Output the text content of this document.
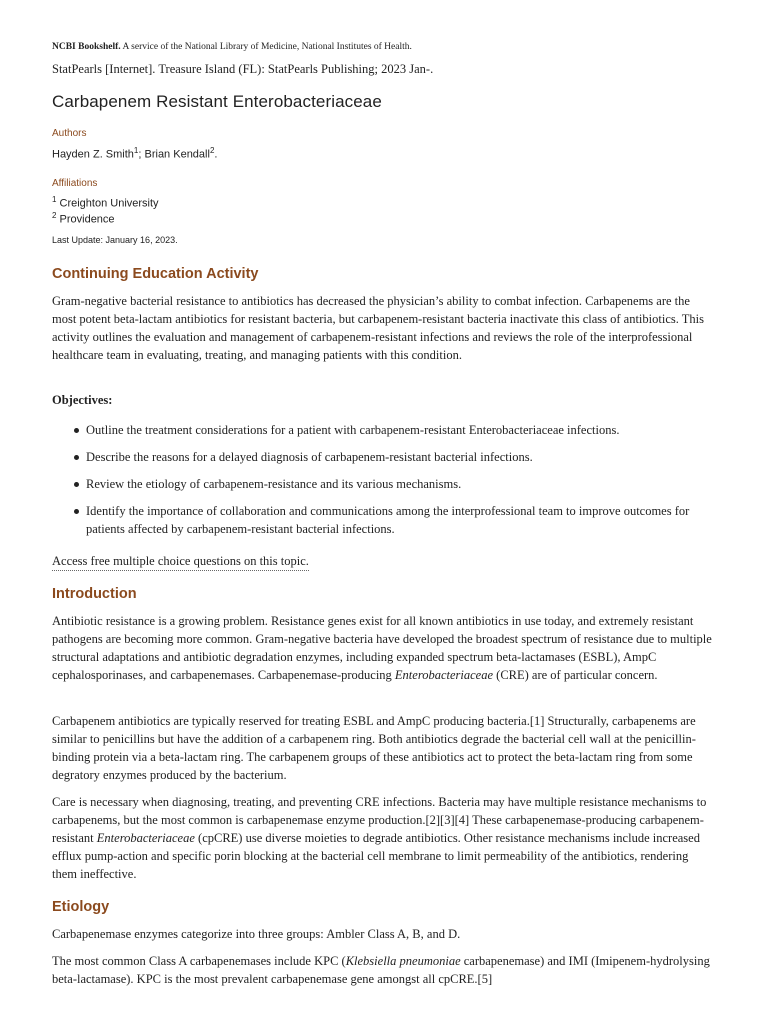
NCBI Bookshelf. A service of the National Library of Medicine, National Institutes of Health.
StatPearls [Internet]. Treasure Island (FL): StatPearls Publishing; 2023 Jan-.
Carbapenem Resistant Enterobacteriaceae
Authors
Hayden Z. Smith$^1$; Brian Kendall$^2$.
Affiliations
$^1$ Creighton University
$^2$ Providence
Last Update: January 16, 2023.
Continuing Education Activity

Gram-negative bacterial resistance to antibiotics has decreased the physician’s ability to combat infection. Carbapenems are the most potent beta-lactam antibiotics for resistant bacteria, but carbapenem-resistant bacteria inactivate this class of antibiotics. This activity outlines the evaluation and management of carbapenem-resistant infections and reviews the role of the interprofessional healthcare team in evaluating, treating, and managing patients with this condition.

Objectives:
Outline the treatment considerations for a patient with carbapenem-resistant Enterobacteriaceae infections.
Describe the reasons for a delayed diagnosis of carbapenem-resistant bacterial infections.
Review the etiology of carbapenem-resistance and its various mechanisms.
Identify the importance of collaboration and communications among the interprofessional team to improve outcomes for patients affected by carbapenem-resistant bacterial infections.
Access free multiple choice questions on this topic.
Introduction

Antibiotic resistance is a growing problem. Resistance genes exist for all known antibiotics in use today, and extremely resistant pathogens are becoming more common. Gram-negative bacteria have developed the broadest spectrum of resistance due to multiple structural adaptations and antibiotic degradation enzymes, including expanded spectrum beta-lactamases (ESBL), AmpC cephalosporinases, and carbapenemases. Carbapenemase-producing Enterobacteriaceae (CRE) are of particular concern.

Carbapenem antibiotics are typically reserved for treating ESBL and AmpC producing bacteria.[1] Structurally, carbapenems are similar to penicillins but have the addition of a carbapenem ring. Both antibiotics degrade the bacterial cell wall at the penicillin-binding protein via a beta-lactam ring. The carbapenem groups of these antibiotics act to protect the beta-lactam ring from some degratory enzymes produced by the bacterium.

Care is necessary when diagnosing, treating, and preventing CRE infections. Bacteria may have multiple resistance mechanisms to carbapenems, but the most common is carbapenemase enzyme production.[2][3][4] These carbapenemase-producing carbapenem-resistant Enterobacteriaceae (cpCRE) use diverse moieties to degrade antibiotics. Other resistance mechanisms include increased efflux pump-action and specific porin blocking at the bacterial cell membrane to limit permeability of the antibiotics, rendering them ineffective.

Etiology

Carbapenemase enzymes categorize into three groups: Ambler Class A, B, and D.

The most common Class A carbapenemases include KPC (Klebsiella pneumoniae carbapenemase) and IMI (Imipenem-hydrolysing beta-lactamase). KPC is the most prevalent carbapenemase gene amongst all cpCRE.[5]
